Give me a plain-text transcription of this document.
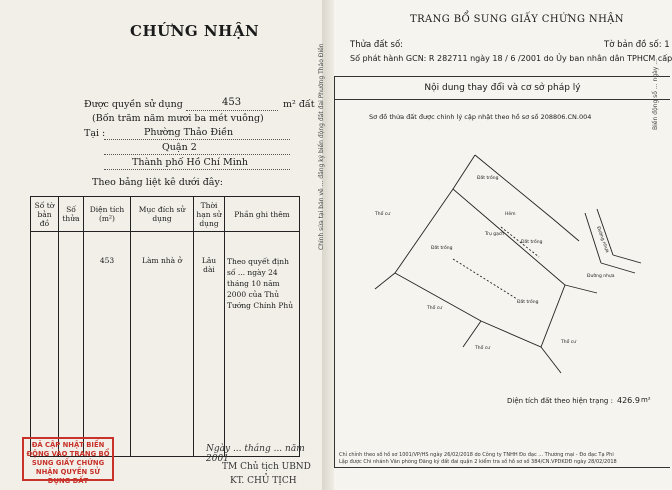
CHỨNG NHẬN
Được quyền sử dụng	453	m² đất
(Bốn trăm năm mươi ba mét vuông)
Tại :	Phường Thảo Điền
Quận 2
Thành phố Hồ Chí Minh
Theo bảng liệt kê dưới đây:
Số tờ bản đồ	Số thửa	Diện tích (m²)	Mục đích sử dụng	Thời hạn sử dụng	Phần ghi thêm
		453	Làm nhà ở	Lâu dài	Theo quyết định số ... ngày 24 tháng 10 năm 2000 của Thủ Tướng Chính Phủ
ĐÃ CẬP NHẬT BIẾN ĐỘNG VÀO TRANG BỔ SUNG GIẤY CHỨNG NHẬN QUYỀN SỬ DỤNG ĐẤT
Ngày ... tháng ... năm 2001
TM Chủ tịch UBND
KT. CHỦ TỊCH
Chỉnh sửa tại bản vẽ ... đăng ký biến động đất đai Phường Thảo Điền
TRANG BỔ SUNG GIẤY CHỨNG NHẬN
Thửa đất số:	Tờ bản đồ số: 1
Số phát hành GCN: R 282711 ngày 18 / 6 /2001 do Ủy ban nhân dân TPHCM cấp
Nội dung thay đổi và cơ sở pháp lý
Sơ đồ thửa đất được chỉnh lý cập nhật theo hồ sơ số 208806.CN.004
Đất trống
Đất trống
Đất trống
Đất trống
Thổ cư
Thổ cư
Thổ cư
Thổ cư
Đường nhựa
Đường nhựa
Hẻm
Trụ gạch
Diện tích đất theo hiện trạng : 426.9 m²
Chỉ chỉnh theo số hồ sơ 1001/VP/HS ngày 26/02/2018 do Công ty TNHH Đo đạc ... Thương mại - Đo đạc Tạ Phi
Lập được Chi nhánh Văn phòng Đăng ký đất đai quận 2 kiểm tra số hồ sơ số 384/CN.VPDKDĐ ngày 28/02/2018
Biến động số ... ngày ...
